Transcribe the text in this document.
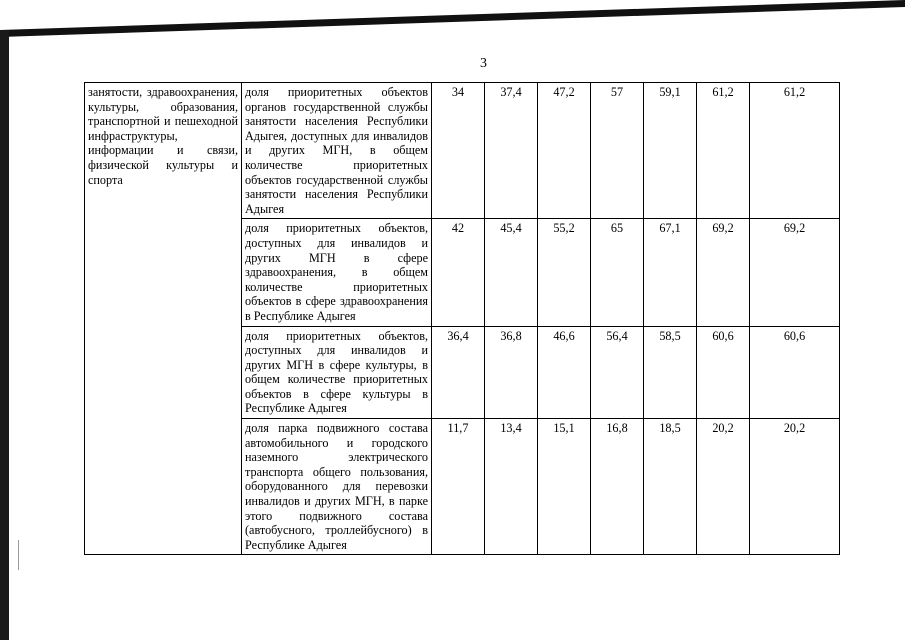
3
занятости, здравоохранения, культуры, образования, транспортной и пешеходной инфраструктуры, информации и связи, физической культуры и спорта	доля приоритетных объектов органов государственной службы занятости населения Республики Адыгея, доступных для инвалидов и других МГН, в общем количестве приоритетных объектов государственной службы занятости населения Республики Адыгея	34	37,4	47,2	57	59,1	61,2	61,2
	доля приоритетных объектов, доступных для инвалидов и других МГН в сфере здравоохранения, в общем количестве приоритетных объектов в сфере здравоохранения в Республике Адыгея	42	45,4	55,2	65	67,1	69,2	69,2
	доля приоритетных объектов, доступных для инвалидов и других МГН в сфере культуры, в общем количестве приоритетных объектов в сфере культуры в Республике Адыгея	36,4	36,8	46,6	56,4	58,5	60,6	60,6
	доля парка подвижного состава автомобильного и городского наземного электрического транспорта общего пользования, оборудованного для перевозки инвалидов и других МГН, в парке этого подвижного состава (автобусного, троллейбусного) в Республике Адыгея	11,7	13,4	15,1	16,8	18,5	20,2	20,2
